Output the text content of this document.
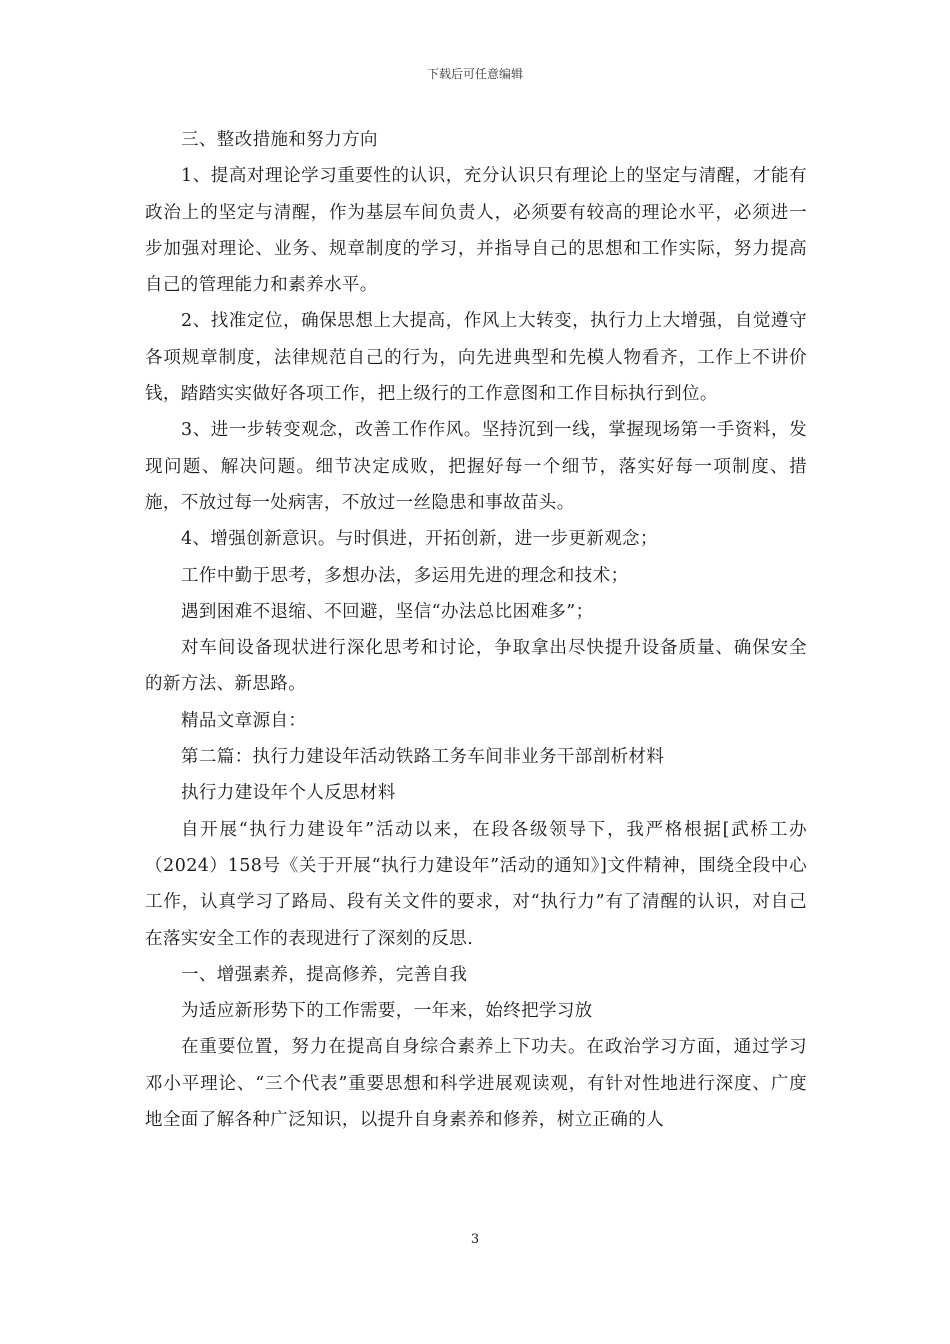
下载后可任意编辑

三、整改措施和努力方向

1、提高对理论学习重要性的认识，充分认识只有理论上的坚定与清醒，才能有政治上的坚定与清醒，作为基层车间负责人，必须要有较高的理论水平，必须进一步加强对理论、业务、规章制度的学习，并指导自己的思想和工作实际，努力提高自己的管理能力和素养水平。

2、找准定位，确保思想上大提高，作风上大转变，执行力上大增强，自觉遵守各项规章制度，法律规范自己的行为，向先进典型和先模人物看齐，工作上不讲价钱，踏踏实实做好各项工作，把上级行的工作意图和工作目标执行到位。

3、进一步转变观念，改善工作作风。坚持沉到一线，掌握现场第一手资料，发现问题、解决问题。细节决定成败，把握好每一个细节，落实好每一项制度、措施，不放过每一处病害，不放过一丝隐患和事故苗头。

4、增强创新意识。与时俱进，开拓创新，进一步更新观念；

工作中勤于思考，多想办法，多运用先进的理念和技术；

遇到困难不退缩、不回避，坚信“办法总比困难多”；

对车间设备现状进行深化思考和讨论，争取拿出尽快提升设备质量、确保安全的新方法、新思路。

精品文章源自：

第二篇：执行力建设年活动铁路工务车间非业务干部剖析材料

执行力建设年个人反思材料

自开展“执行力建设年”活动以来，在段各级领导下，我严格根据[武桥工办（2024）158号《关于开展“执行力建设年”活动的通知》]文件精神，围绕全段中心工作，认真学习了路局、段有关文件的要求，对“执行力”有了清醒的认识，对自己在落实安全工作的表现进行了深刻的反思.

一、增强素养，提高修养，完善自我

为适应新形势下的工作需要，一年来，始终把学习放

在重要位置，努力在提高自身综合素养上下功夫。在政治学习方面，通过学习邓小平理论、“三个代表”重要思想和科学进展观读观，有针对性地进行深度、广度地全面了解各种广泛知识，以提升自身素养和修养，树立正确的人

3
